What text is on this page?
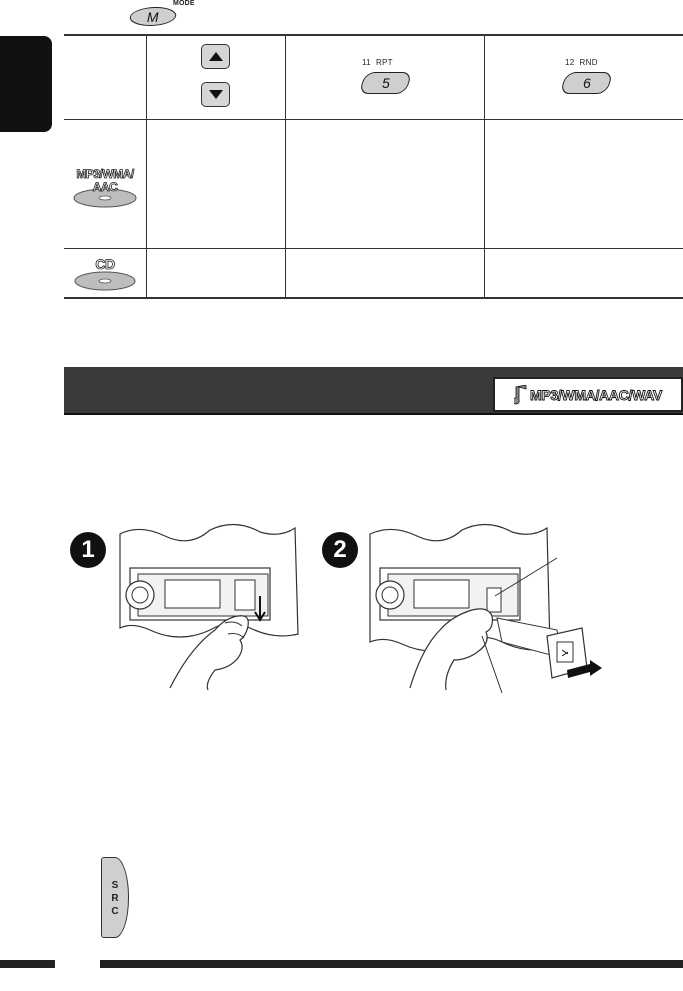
MODE
M
11 RPT
5
12 RND
6
MP3/WMA/ AAC
CD
MP3/WMA/AAC/WAV
1	2
S
R
C
